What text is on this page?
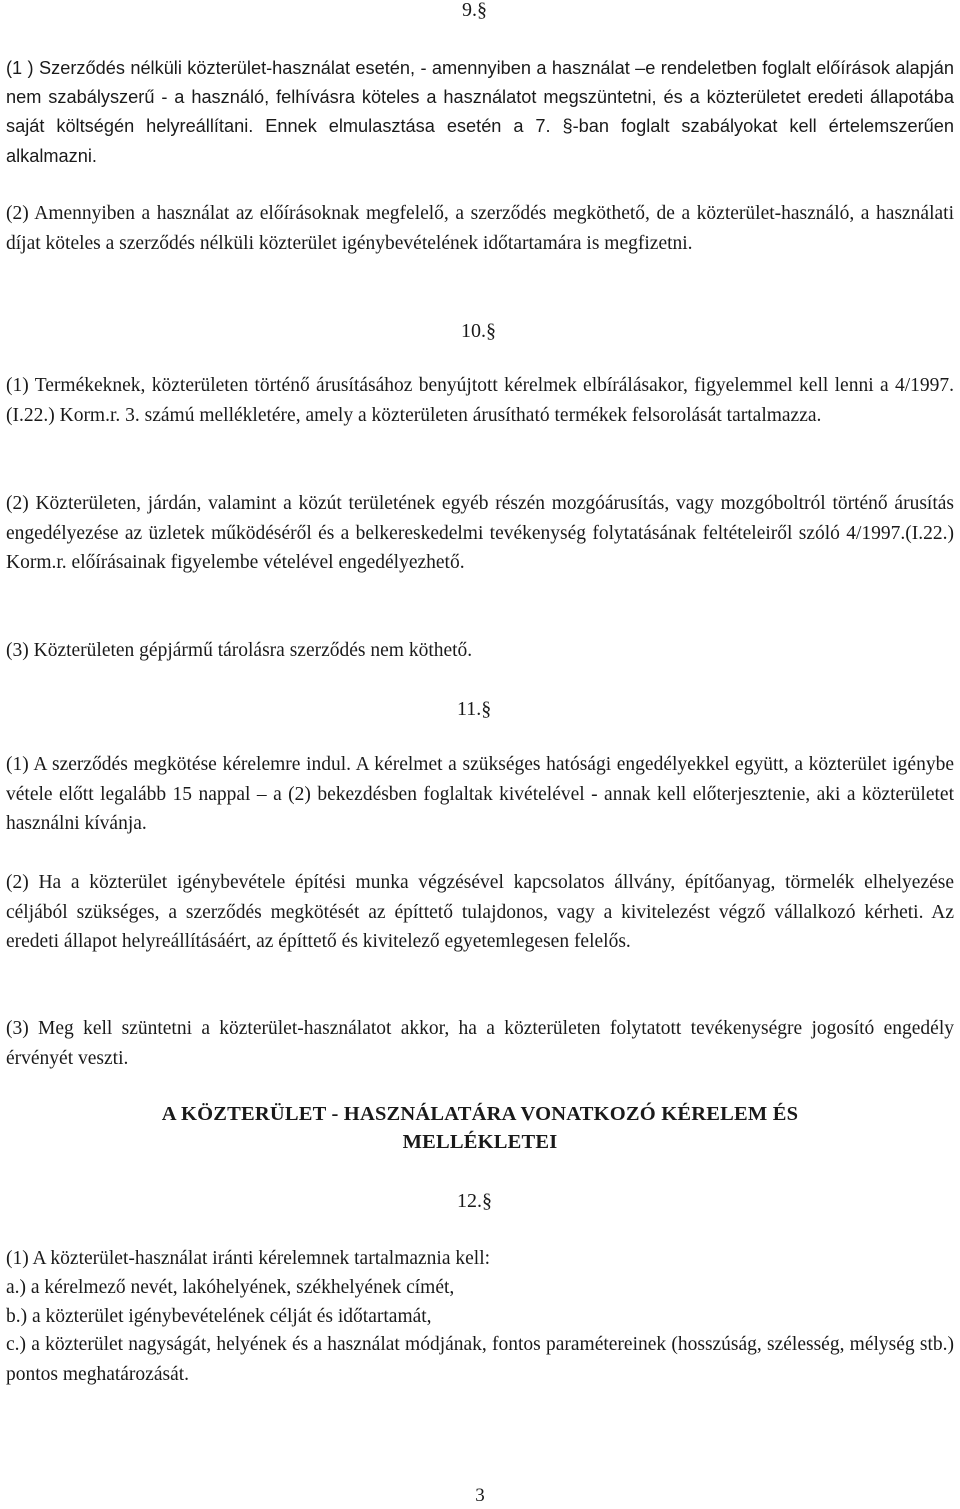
9.§

(1 ) Szerződés nélküli közterület-használat esetén, - amennyiben a használat –e rendeletben foglalt előírások alapján nem szabályszerű - a használó, felhívásra köteles a használatot megszüntetni, és a közterületet eredeti állapotába saját költségén helyreállítani. Ennek elmulasztása esetén a 7. §-ban foglalt szabályokat kell értelemszerűen alkalmazni.

(2) Amennyiben a használat az előírásoknak megfelelő, a szerződés megköthető, de a közterület-használó, a használati díjat köteles a szerződés nélküli közterület igénybevételének időtartamára is megfizetni.

10.§

(1) Termékeknek, közterületen történő árusításához benyújtott kérelmek elbírálásakor, figyelemmel kell lenni a 4/1997.(I.22.) Korm.r. 3. számú mellékletére, amely a közterületen árusítható termékek felsorolását tartalmazza.

(2) Közterületen, járdán, valamint a közút területének egyéb részén mozgóárusítás, vagy mozgóboltról történő árusítás engedélyezése az üzletek működéséről és a belkereskedelmi tevékenység folytatásának feltételeiről szóló 4/1997.(I.22.) Korm.r. előírásainak figyelembe vételével engedélyezhető.

(3) Közterületen gépjármű tárolásra szerződés nem köthető.

11.§

(1) A szerződés megkötése kérelemre indul. A kérelmet a szükséges hatósági engedélyekkel együtt, a közterület igénybe vétele előtt legalább 15 nappal – a (2) bekezdésben foglaltak kivételével - annak kell előterjesztenie, aki a közterületet használni kívánja.

(2) Ha a közterület igénybevétele építési munka végzésével kapcsolatos állvány, építőanyag, törmelék elhelyezése céljából szükséges, a szerződés megkötését az építtető tulajdonos, vagy a kivitelezést végző vállalkozó kérheti. Az eredeti állapot helyreállításáért, az építtető és kivitelező egyetemlegesen felelős.

(3) Meg kell szüntetni a közterület-használatot akkor, ha a közterületen folytatott tevékenységre jogosító engedély érvényét veszti.

A KÖZTERÜLET - HASZNÁLATÁRA VONATKOZÓ KÉRELEM ÉS

MELLÉKLETEI

12.§

(1) A közterület-használat iránti kérelemnek tartalmaznia kell:

a.) a kérelmező nevét, lakóhelyének, székhelyének címét,

b.) a közterület igénybevételének célját és időtartamát,

c.) a közterület nagyságát, helyének és a használat módjának, fontos paramétereinek (hosszúság, szélesség, mélység stb.) pontos meghatározását.

3
